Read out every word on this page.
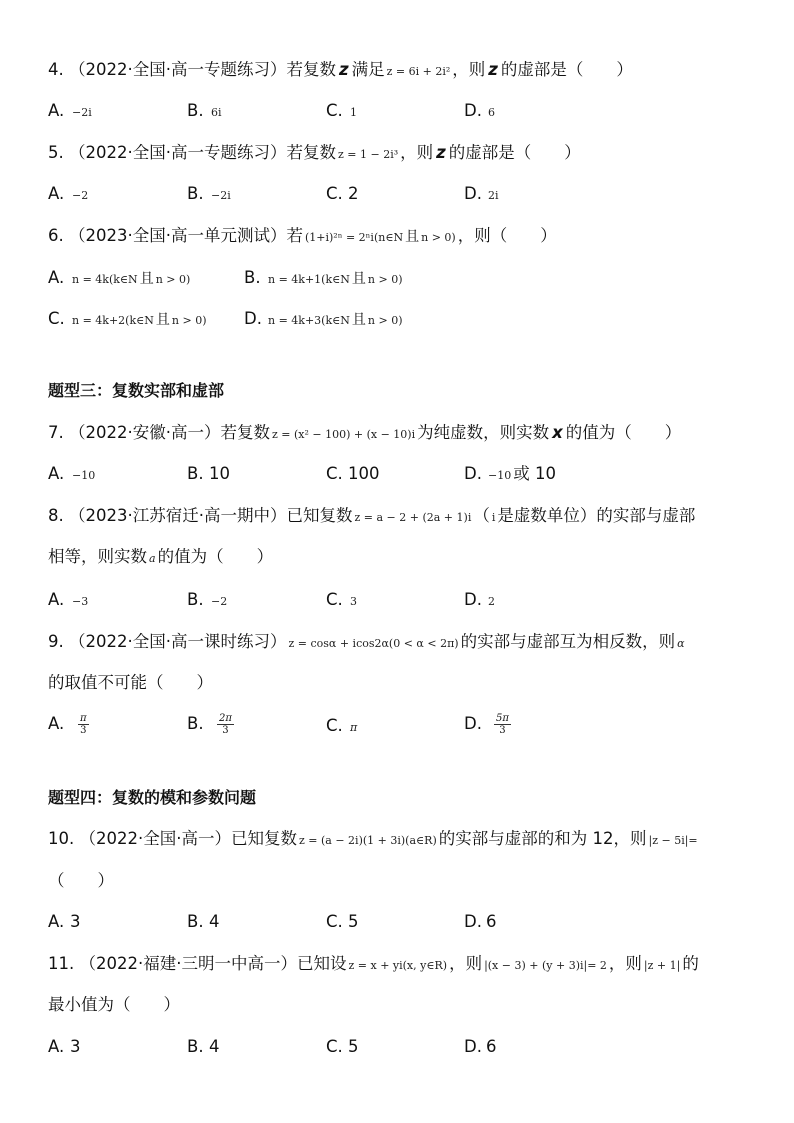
4. （2022·全国·高一专题练习）若复数 z 满足 z = 6i + 2i² ，则 z 的虚部是（　　）
A. −2i	B. 6i	C. 1	D. 6
5. （2022·全国·高一专题练习）若复数 z = 1 − 2i³ ，则 z 的虚部是（　　）
A. −2	B. −2i	C. 2	D. 2i
6. （2023·全国·高一单元测试）若 (1+i)²ⁿ = 2ⁿi(n∈N 且 n > 0) ，则（　　）
A. n = 4k(k∈N 且 n > 0)	B. n = 4k+1(k∈N 且 n > 0)
C. n = 4k+2(k∈N 且 n > 0) D. n = 4k+3(k∈N 且 n > 0)
题型三：复数实部和虚部
7. （2022·安徽·高一）若复数 z = (x² − 100) + (x − 10)i 为纯虚数，则实数 x 的值为（　　）
A. −10	B. 10	C. 100	D. −10 或 10
8. （2023·江苏宿迁·高一期中）已知复数 z = a − 2 + (2a + 1)i （ i 是虚数单位）的实部与虚部
相等，则实数 a 的值为（　　）
A. −3	B. −2	C. 3	D. 2
9. （2022·全国·高一课时练习） z = cosα + icos2α(0 < α < 2π) 的实部与虚部互为相反数，则 α
的取值不可能（　　）
A. $\frac{\pi}{3}$	B. $\frac{2\pi}{3}$	C. π	D. $\frac{5\pi}{3}$
题型四：复数的模和参数问题
10. （2022·全国·高一）已知复数 z = (a − 2i)(1 + 3i)(a∈R) 的实部与虚部的和为 12，则 |z − 5i|=
（　　）
A. 3	B. 4	C. 5	D. 6
11. （2022·福建·三明一中高一）已知设 z = x + yi(x, y∈R) ，则 |(x − 3) + (y + 3)i|= 2 ，则 |z + 1| 的
最小值为（　　）
A. 3	B. 4	C. 5	D. 6
